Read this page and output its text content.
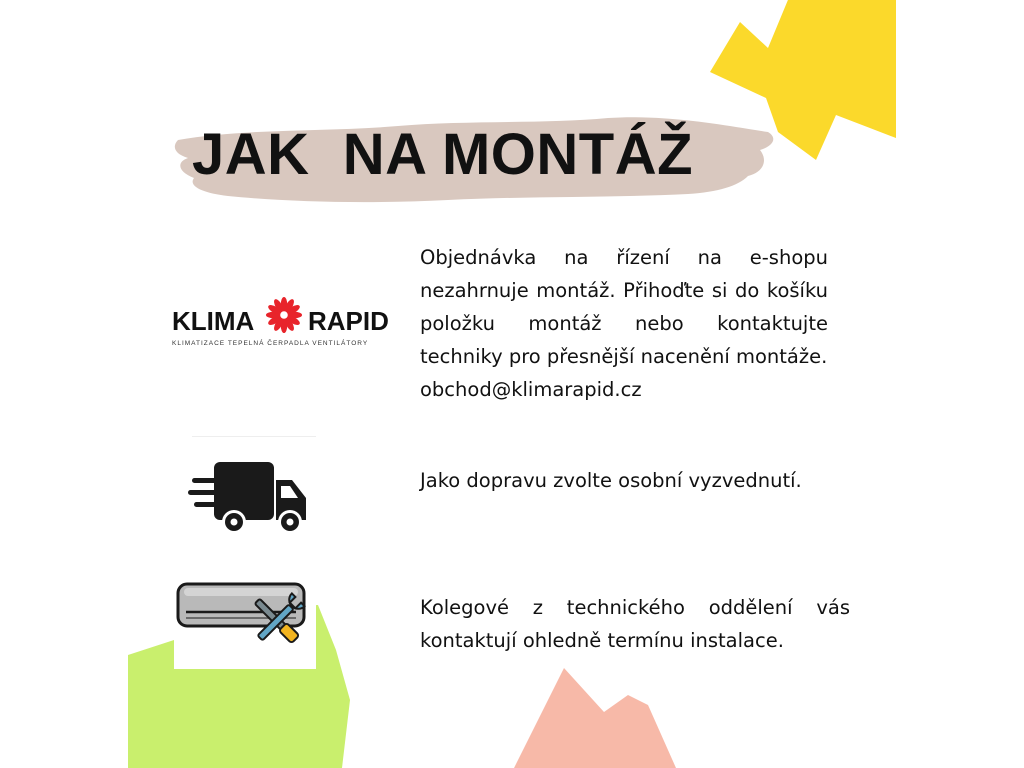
JAK  NA MONTÁŽ
KLIMA RAPID
KLIMATIZACE TEPELNÁ ČERPADLA VENTILÁTORY

Objednávka na řízení na e-shopu nezahrnuje montáž. Přihoďte si do košíku položku montáž nebo kontaktujte techniky pro přesnější nacenění montáže.
obchod@klimarapid.cz

Jako dopravu zvolte osobní vyzvednutí.

Kolegové z technického oddělení vás kontaktují ohledně termínu instalace.
